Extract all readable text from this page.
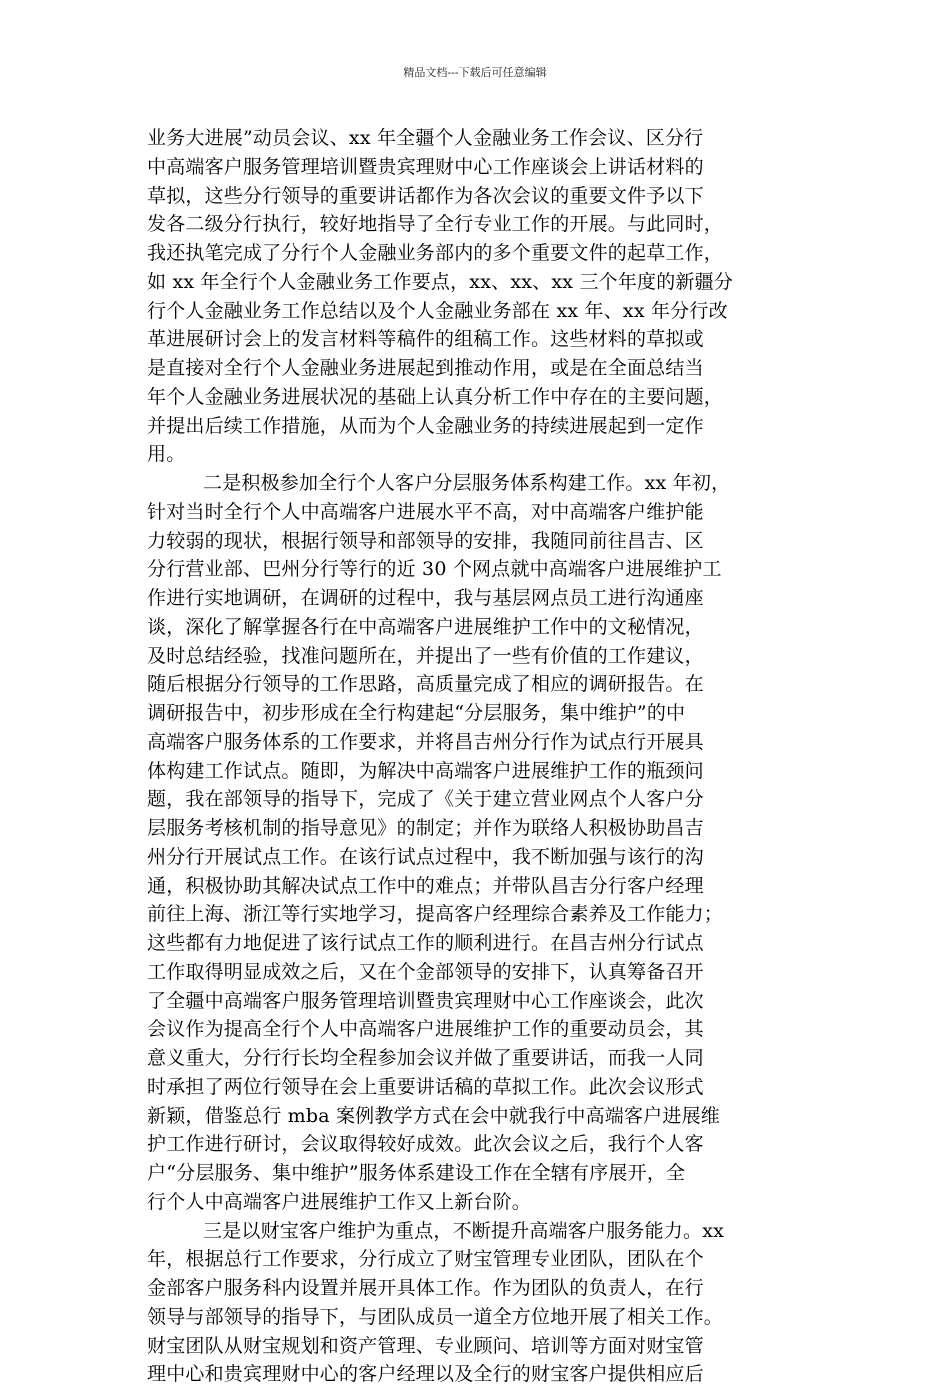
精品文档---下载后可任意编辑
业务大进展”动员会议、xx 年全疆个人金融业务工作会议、区分行
中高端客户服务管理培训暨贵宾理财中心工作座谈会上讲话材料的
草拟，这些分行领导的重要讲话都作为各次会议的重要文件予以下
发各二级分行执行，较好地指导了全行专业工作的开展。与此同时，
我还执笔完成了分行个人金融业务部内的多个重要文件的起草工作，
如 xx 年全行个人金融业务工作要点，xx、xx、xx 三个年度的新疆分
行个人金融业务工作总结以及个人金融业务部在 xx 年、xx 年分行改
革进展研讨会上的发言材料等稿件的组稿工作。这些材料的草拟或
是直接对全行个人金融业务进展起到推动作用，或是在全面总结当
年个人金融业务进展状况的基础上认真分析工作中存在的主要问题，
并提出后续工作措施，从而为个人金融业务的持续进展起到一定作
用。
二是积极参加全行个人客户分层服务体系构建工作。xx 年初，
针对当时全行个人中高端客户进展水平不高，对中高端客户维护能
力较弱的现状，根据行领导和部领导的安排，我随同前往昌吉、区
分行营业部、巴州分行等行的近 30 个网点就中高端客户进展维护工
作进行实地调研，在调研的过程中，我与基层网点员工进行沟通座
谈，深化了解掌握各行在中高端客户进展维护工作中的文秘情况，
及时总结经验，找准问题所在，并提出了一些有价值的工作建议，
随后根据分行领导的工作思路，高质量完成了相应的调研报告。在
调研报告中，初步形成在全行构建起“分层服务，集中维护”的中
高端客户服务体系的工作要求，并将昌吉州分行作为试点行开展具
体构建工作试点。随即，为解决中高端客户进展维护工作的瓶颈问
题，我在部领导的指导下，完成了《关于建立营业网点个人客户分
层服务考核机制的指导意见》的制定；并作为联络人积极协助昌吉
州分行开展试点工作。在该行试点过程中，我不断加强与该行的沟
通，积极协助其解决试点工作中的难点；并带队昌吉分行客户经理
前往上海、浙江等行实地学习，提高客户经理综合素养及工作能力；
这些都有力地促进了该行试点工作的顺利进行。在昌吉州分行试点
工作取得明显成效之后，又在个金部领导的安排下，认真筹备召开
了全疆中高端客户服务管理培训暨贵宾理财中心工作座谈会，此次
会议作为提高全行个人中高端客户进展维护工作的重要动员会，其
意义重大，分行行长均全程参加会议并做了重要讲话，而我一人同
时承担了两位行领导在会上重要讲话稿的草拟工作。此次会议形式
新颖，借鉴总行 mba 案例教学方式在会中就我行中高端客户进展维
护工作进行研讨，会议取得较好成效。此次会议之后，我行个人客
户“分层服务、集中维护”服务体系建设工作在全辖有序展开，全
行个人中高端客户进展维护工作又上新台阶。
三是以财宝客户维护为重点，不断提升高端客户服务能力。xx
年，根据总行工作要求，分行成立了财宝管理专业团队，团队在个
金部客户服务科内设置并展开具体工作。作为团队的负责人，在行
领导与部领导的指导下，与团队成员一道全方位地开展了相关工作。
财宝团队从财宝规划和资产管理、专业顾问、培训等方面对财宝管
理中心和贵宾理财中心的客户经理以及全行的财宝客户提供相应后
